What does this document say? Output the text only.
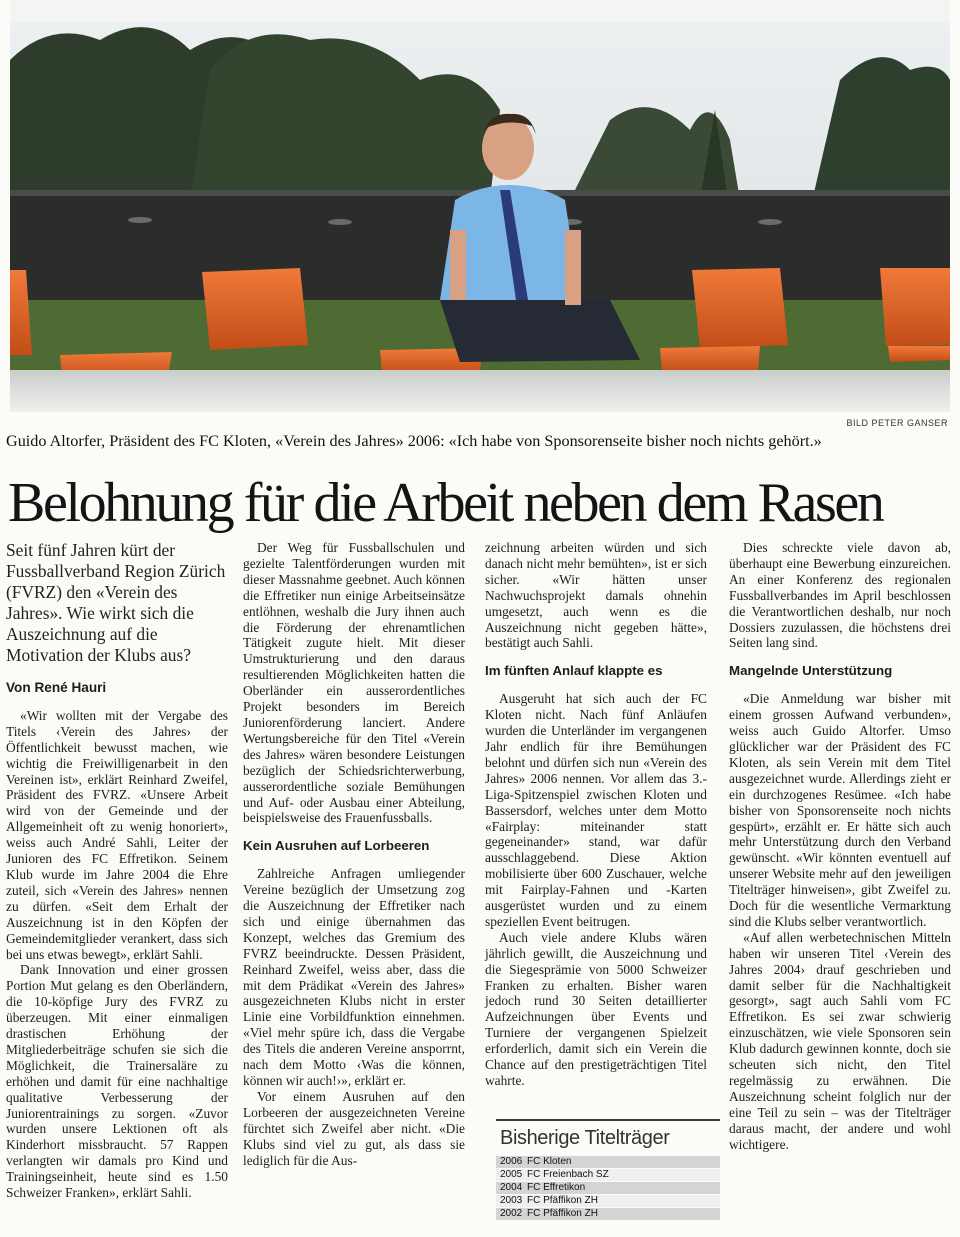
BILD PETER GANSER
Guido Altorfer, Präsident des FC Kloten, «Verein des Jahres» 2006: «Ich habe von Sponsorenseite bisher noch nichts gehört.»
Belohnung für die Arbeit neben dem Rasen

Seit fünf Jahren kürt der Fussballverband Region Zürich (FVRZ) den «Verein des Jahres». Wie wirkt sich die Auszeichnung auf die Motivation der Klubs aus?

Von René Hauri

«Wir wollten mit der Vergabe des Titels ‹Verein des Jahres› der Öffentlichkeit bewusst machen, wie wichtig die Freiwilligenarbeit in den Vereinen ist», erklärt Reinhard Zweifel, Präsident des FVRZ. «Unsere Arbeit wird von der Gemeinde und der Allgemeinheit oft zu wenig honoriert», weiss auch André Sahli, Leiter der Junioren des FC Effretikon. Seinem Klub wurde im Jahre 2004 die Ehre zuteil, sich «Verein des Jahres» nennen zu dürfen. «Seit dem Erhalt der Auszeichnung ist in den Köpfen der Gemeindemitglieder verankert, dass sich bei uns etwas bewegt», erklärt Sahli.

Dank Innovation und einer grossen Portion Mut gelang es den Oberländern, die 10-köpfige Jury des FVRZ zu überzeugen. Mit einer einmaligen drastischen Erhöhung der Mitgliederbeiträge schufen sie sich die Möglichkeit, die Trainersaläre zu erhöhen und damit für eine nachhaltige qualitative Verbesserung der Juniorentrainings zu sorgen. «Zuvor wurden unsere Lektionen oft als Kinderhort missbraucht. 57 Rappen verlangten wir damals pro Kind und Trainingseinheit, heute sind es 1.50 Schweizer Franken», erklärt Sahli.

Der Weg für Fussballschulen und gezielte Talentförderungen wurden mit dieser Massnahme geebnet. Auch können die Effretiker nun einige Arbeitseinsätze entlöhnen, weshalb die Jury ihnen auch die Förderung der ehrenamtlichen Tätigkeit zugute hielt. Mit dieser Umstrukturierung und den daraus resultierenden Möglichkeiten hatten die Oberländer ein ausserordentliches Projekt besonders im Bereich Juniorenförderung lanciert. Andere Wertungsbereiche für den Titel «Verein des Jahres» wären besondere Leistungen bezüglich der Schiedsrichterwerbung, ausserordentliche soziale Bemühungen und Auf- oder Ausbau einer Abteilung, beispielsweise des Frauenfussballs.

Kein Ausruhen auf Lorbeeren

Zahlreiche Anfragen umliegender Vereine bezüglich der Umsetzung zog die Auszeichnung der Effretiker nach sich und einige übernahmen das Konzept, welches das Gremium des FVRZ beeindruckte. Dessen Präsident, Reinhard Zweifel, weiss aber, dass die mit dem Prädikat «Verein des Jahres» ausgezeichneten Klubs nicht in erster Linie eine Vorbildfunktion einnehmen. «Viel mehr spüre ich, dass die Vergabe des Titels die anderen Vereine ansporrnt, nach dem Motto ‹Was die können, können wir auch!›», erklärt er.

Vor einem Ausruhen auf den Lorbeeren der ausgezeichneten Vereine fürchtet sich Zweifel aber nicht. «Die Klubs sind viel zu gut, als dass sie lediglich für die Aus-

zeichnung arbeiten würden und sich danach nicht mehr bemühten», ist er sich sicher. «Wir hätten unser Nachwuchsprojekt damals ohnehin umgesetzt, auch wenn es die Auszeichnung nicht gegeben hätte», bestätigt auch Sahli.

Im fünften Anlauf klappte es

Ausgeruht hat sich auch der FC Kloten nicht. Nach fünf Anläufen wurden die Unterländer im vergangenen Jahr endlich für ihre Bemühungen belohnt und dürfen sich nun «Verein des Jahres» 2006 nennen. Vor allem das 3.-Liga-Spitzenspiel zwischen Kloten und Bassersdorf, welches unter dem Motto «Fairplay: miteinander statt gegeneinander» stand, war dafür ausschlaggebend. Diese Aktion mobilisierte über 600 Zuschauer, welche mit Fairplay-Fahnen und -Karten ausgerüstet wurden und zu einem speziellen Event beitrugen.

Auch viele andere Klubs wären jährlich gewillt, die Auszeichnung und die Siegesprämie von 5000 Schweizer Franken zu erhalten. Bisher waren jedoch rund 30 Seiten detaillierter Aufzeichnungen über Events und Turniere der vergangenen Spielzeit erforderlich, damit sich ein Verein die Chance auf den prestigeträchtigen Titel wahrte.

Dies schreckte viele davon ab, überhaupt eine Bewerbung einzureichen. An einer Konferenz des regionalen Fussballverbandes im April beschlossen die Verantwortlichen deshalb, nur noch Dossiers zuzulassen, die höchstens drei Seiten lang sind.

Mangelnde Unterstützung

«Die Anmeldung war bisher mit einem grossen Aufwand verbunden», weiss auch Guido Altorfer. Umso glücklicher war der Präsident des FC Kloten, als sein Verein mit dem Titel ausgezeichnet wurde. Allerdings zieht er ein durchzogenes Resümee. «Ich habe bisher von Sponsorenseite noch nichts gespürt», erzählt er. Er hätte sich auch mehr Unterstützung durch den Verband gewünscht. «Wir könnten eventuell auf unserer Website mehr auf den jeweiligen Titelträger hinweisen», gibt Zweifel zu. Doch für die wesentliche Vermarktung sind die Klubs selber verantwortlich.

«Auf allen werbetechnischen Mitteln haben wir unseren Titel ‹Verein des Jahres 2004› drauf geschrieben und damit selber für die Nachhaltigkeit gesorgt», sagt auch Sahli vom FC Effretikon. Es sei zwar schwierig einzuschätzen, wie viele Sponsoren sein Klub dadurch gewinnen konnte, doch sie scheuten sich nicht, den Titel regelmässig zu erwähnen. Die Auszeichnung scheint folglich nur der eine Teil zu sein – was der Titelträger daraus macht, der andere und wohl wichtigere.

Bisherige Titelträger
2006 FC Kloten
2005 FC Freienbach SZ
2004 FC Effretikon
2003 FC Pfäffikon ZH
2002 FC Pfäffikon ZH
